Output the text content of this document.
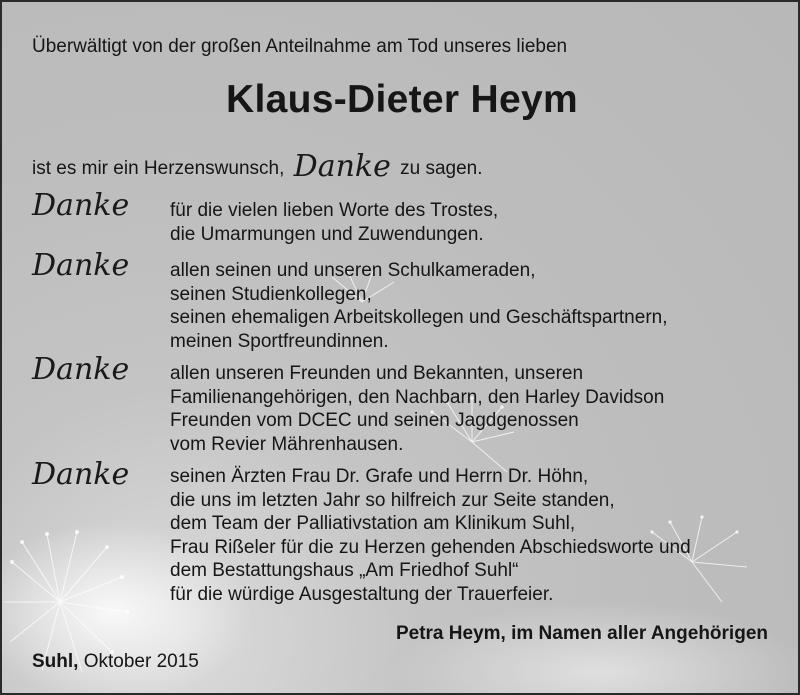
Überwältigt von der großen Anteilnahme am Tod unseres lieben

Klaus-Dieter Heym

ist es mir ein Herzenswunsch, Danke zu sagen.

Danke für die vielen lieben Worte des Trostes,
die Umarmungen und Zuwendungen.

Danke allen seinen und unseren Schulkameraden,
seinen Studienkollegen,
seinen ehemaligen Arbeitskollegen und Geschäftspartnern,
meinen Sportfreundinnen.

Danke allen unseren Freunden und Bekannten, unseren
Familienangehörigen, den Nachbarn, den Harley Davidson
Freunden vom DCEC und seinen Jagdgenossen
vom Revier Mährenhausen.

Danke seinen Ärzten Frau Dr. Grafe und Herrn Dr. Höhn,
die uns im letzten Jahr so hilfreich zur Seite standen,
dem Team der Palliativstation am Klinikum Suhl,
Frau Rißeler für die zu Herzen gehenden Abschiedsworte und
dem Bestattungshaus „Am Friedhof Suhl“
für die würdige Ausgestaltung der Trauerfeier.

Petra Heym, im Namen aller Angehörigen

Suhl, Oktober 2015
